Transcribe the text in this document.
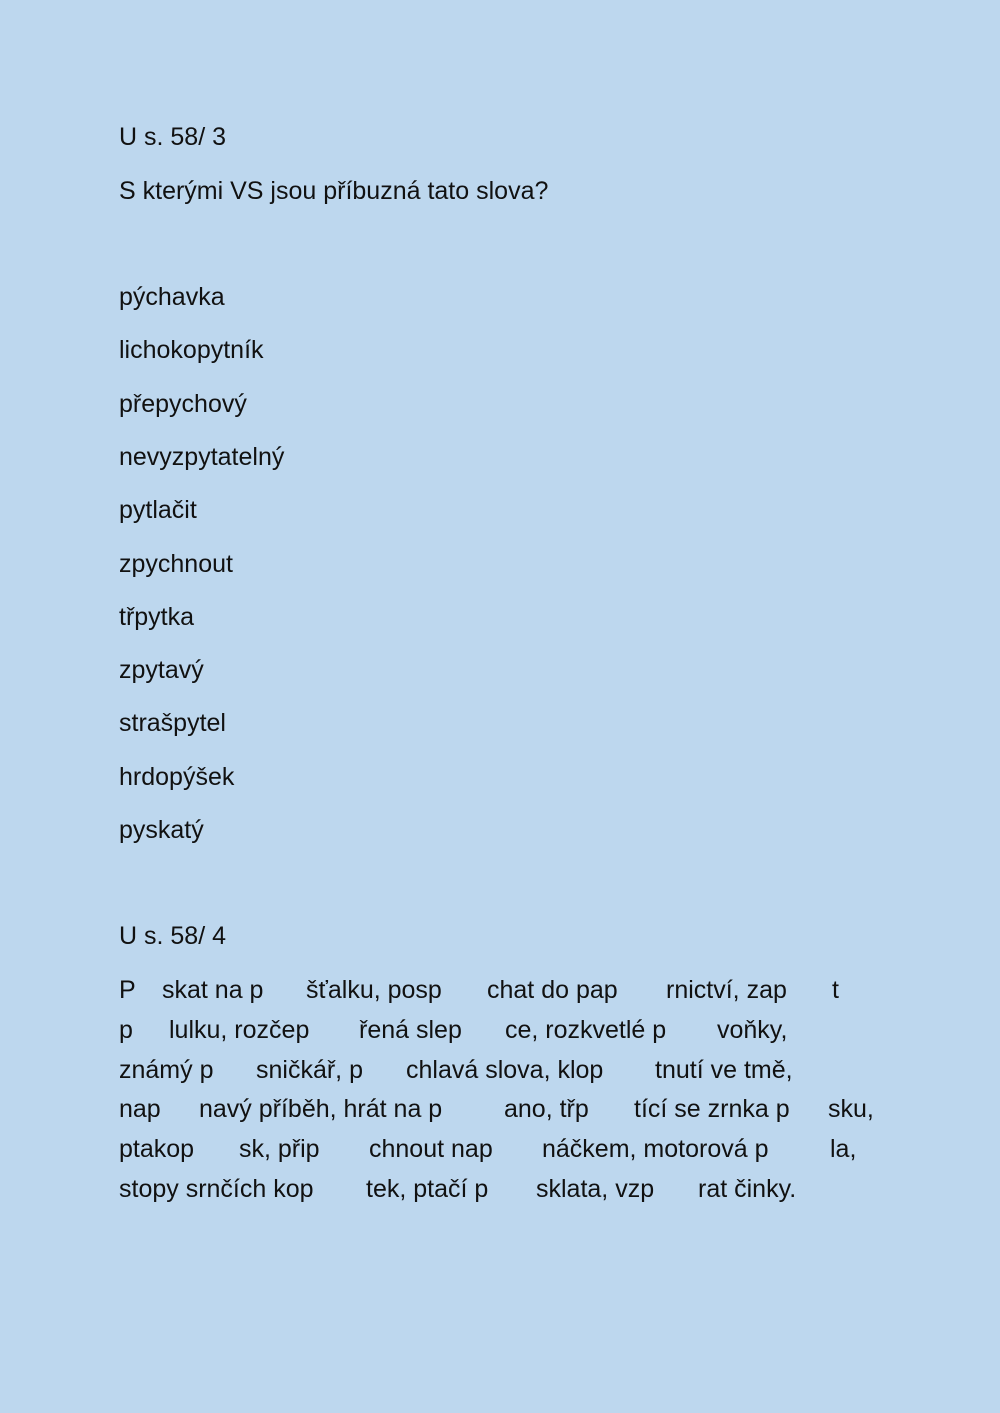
U s. 58/ 3
S kterými VS jsou příbuzná tato slova?
pýchavka
lichokopytník
přepychový
nevyzpytatelný
pytlačit
zpychnout
třpytka
zpytavý
strašpytel
hrdopýšek
pyskatý
U s. 58/ 4
P skat na p šťalku, posp chat do pap rnictví, zap t
p lulku, rozčep řená slep ce, rozkvetlé p voňky,
známý p sničkář, p chlavá slova, klop tnutí ve tmě,
nap navý příběh, hrát na p ano, třp tící se zrnka p sku,
ptakop sk, přip chnout nap náčkem, motorová p la,
stopy srnčích kop tek, ptačí p sklata, vzp rat činky.
